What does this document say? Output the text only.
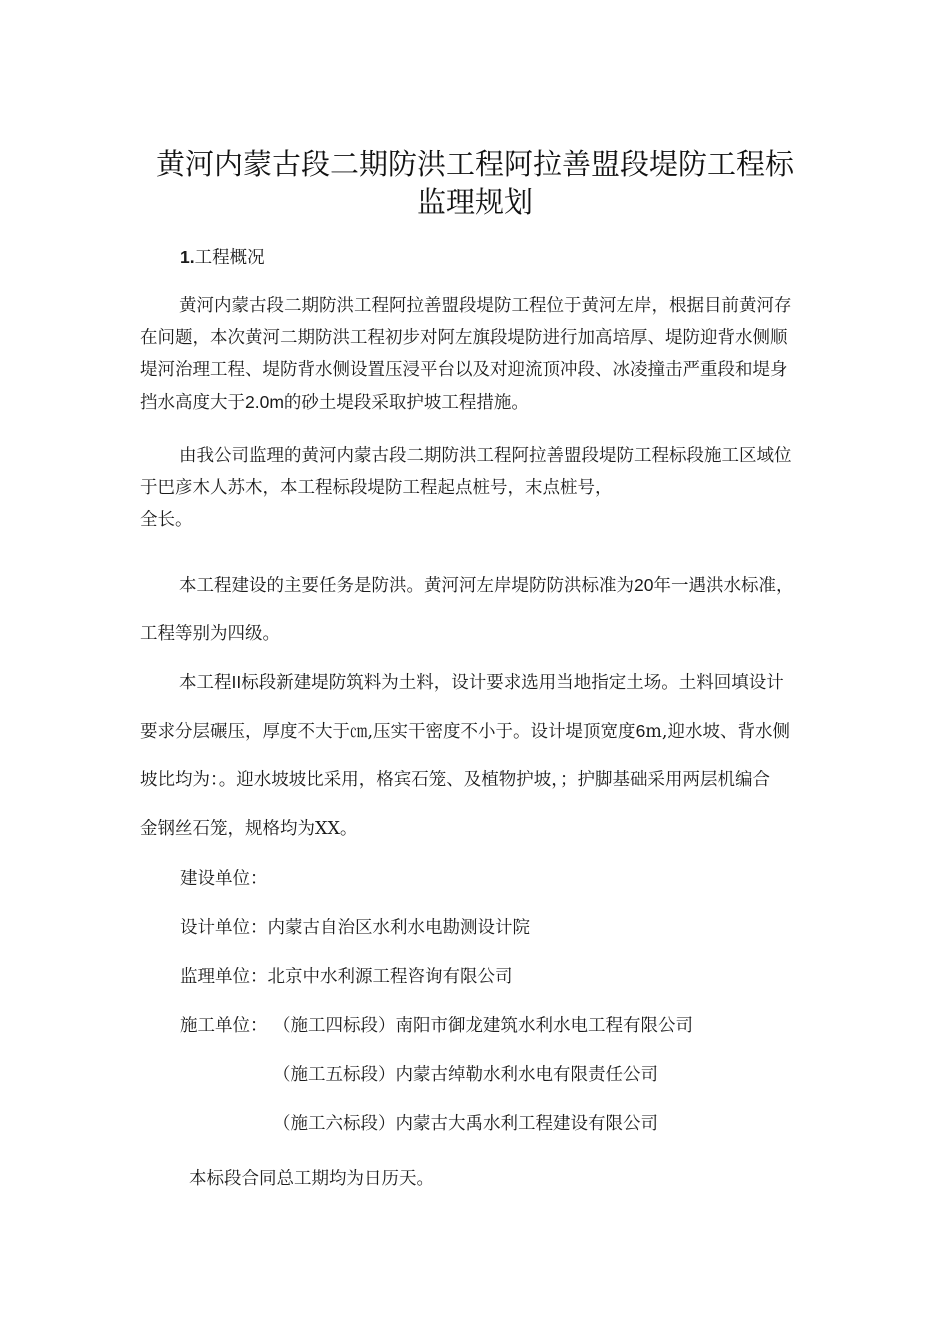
黄河内蒙古段二期防洪工程阿拉善盟段堤防工程标
监理规划
1.工程概况
黄河内蒙古段二期防洪工程阿拉善盟段堤防工程位于黄河左岸，根据目前黄河存
在问题，本次黄河二期防洪工程初步对阿左旗段堤防进行加高培厚、堤防迎背水侧顺
堤河治理工程、堤防背水侧设置压浸平台以及对迎流顶冲段、冰凌撞击严重段和堤身
挡水高度大于2.0m的砂土堤段采取护坡工程措施。
由我公司监理的黄河内蒙古段二期防洪工程阿拉善盟段堤防工程标段施工区域位
于巴彦木人苏木，本工程标段堤防工程起点桩号，末点桩号，
全长。
本工程建设的主要任务是防洪。黄河河左岸堤防防洪标准为20年一遇洪水标准，
工程等别为四级。
本工程II标段新建堤防筑料为土料，设计要求选用当地指定土场。土料回填设计
要求分层碾压，厚度不大于㎝,压实干密度不小于。设计堤顶宽度6m,迎水坡、背水侧
坡比均为：。迎水坡坡比采用，格宾石笼、及植物护坡，；护脚基础采用两层机编合
金钢丝石笼，规格均为XX。
建设单位：
设计单位：内蒙古自治区水利水电勘测设计院
监理单位：北京中水利源工程咨询有限公司
施工单位： （施工四标段）南阳市御龙建筑水利水电工程有限公司
（施工五标段）内蒙古绰勒水利水电有限责任公司
（施工六标段）内蒙古大禹水利工程建设有限公司
本标段合同总工期均为日历天。
